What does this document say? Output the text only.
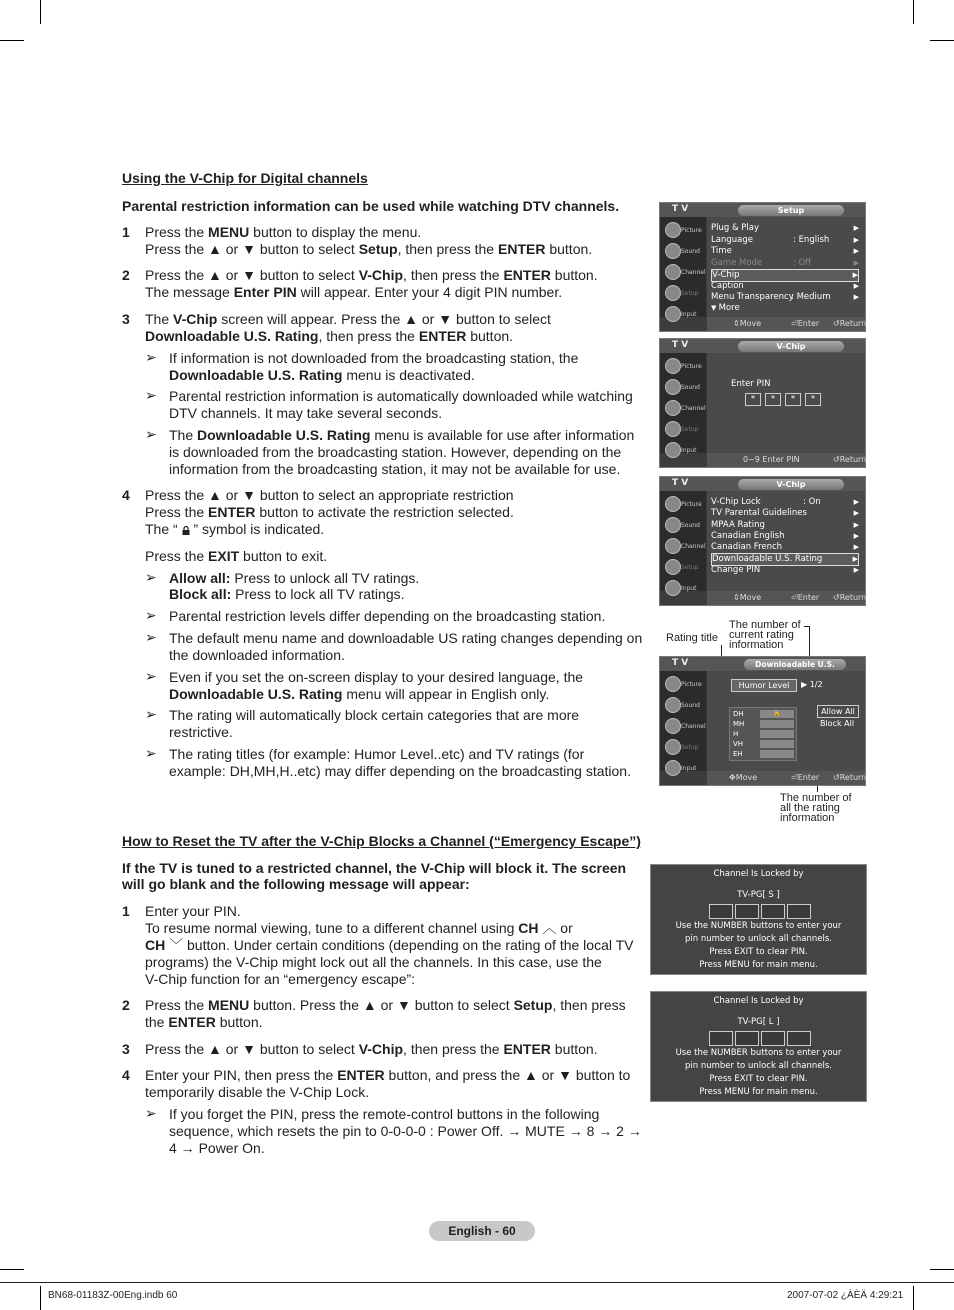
Using the V-Chip for Digital channels
Parental restriction information can be used while watching DTV channels.
1 Press the MENU button to display the menu.
Press the ▲ or ▼ button to select Setup, then press the ENTER button.
2 Press the ▲ or ▼ button to select V-Chip, then press the ENTER button.
The message Enter PIN will appear. Enter your 4 digit PIN number.
3 The V-Chip screen will appear. Press the ▲ or ▼ button to select
Downloadable U.S. Rating, then press the ENTER button.
➢ If information is not downloaded from the broadcasting station, the
Downloadable U.S. Rating menu is deactivated.
➢ Parental restriction information is automatically downloaded while watching
DTV channels. It may take several seconds.
➢ The Downloadable U.S. Rating menu is available for use after information
is downloaded from the broadcasting station. However, depending on the
information from the broadcasting station, it may not be available for use.
4 Press the ▲ or ▼ button to select an appropriate restriction
Press the ENTER button to activate the restriction selected.
The “  ” symbol is indicated.
Press the EXIT button to exit.
➢ Allow all: Press to unlock all TV ratings.
Block all: Press to lock all TV ratings.
➢ Parental restriction levels differ depending on the broadcasting station.
➢ The default menu name and downloadable US rating changes depending on
the downloaded information.
➢ Even if you set the on-screen display to your desired language, the
Downloadable U.S. Rating menu will appear in English only.
➢ The rating will automatically block certain categories that are more
restrictive.
➢ The rating titles (for example: Humor Level..etc) and TV ratings (for
example: DH,MH,H..etc) may differ depending on the broadcasting station.
T V	Setup
Picture
Sound
Channel
Setup
Input
Plug & Play	▶
Language	: English	▶
Time	▶
Game Mode	: Off	▶
V-Chip	▶
Caption	▶
Menu Transparency
: Medium	▶
▼ More
⇕ Move	⏎ Enter ↺ Return
T V	V-Chip
Picture
Sound
Channel
Setup
Input
Enter PIN
*	*	*	*
0~9 Enter PIN	↺ Return
T V	V-Chip
Picture
Sound
Channel
Setup
Input
V-Chip Lock	: On	▶
TV Parental Guidelines	▶
MPAA Rating	▶
Canadian English	▶
Canadian French	▶
Downloadable U.S. Rating	▶
Change PIN	▶
⇕ Move	⏎ Enter ↺ Return
Rating title
The number of
current rating
information
T V	Downloadable U.S.
Picture
Sound
Channel
Setup
Input
Humor Level	▶ 1/2
DH	🔒
MH
H
VH
EH
Allow All
Block All
✥ Move	⏎ Enter ↺ Return
The number of
all the rating
information
How to Reset the TV after the V-Chip Blocks a Channel (“Emergency Escape”)
If the TV is tuned to a restricted channel, the V-Chip will block it. The screen
will go blank and the following message will appear:
1 Enter your PIN.
To resume normal viewing, tune to a different channel using CH ︿ or
CH ﹀ button. Under certain conditions (depending on the rating of the local TV
programs) the V-Chip might lock out all the channels. In this case, use the
V-Chip function for an “emergency escape”:
2 Press the MENU button. Press the ▲ or ▼ button to select Setup, then press
the ENTER button.
3 Press the ▲ or ▼ button to select V-Chip, then press the ENTER button.
4 Enter your PIN, then press the ENTER button, and press the ▲ or ▼ button to
temporarily disable the V-Chip Lock.
➢ If you forget the PIN, press the remote-control buttons in the following
sequence, which resets the pin to 0-0-0-0 : Power Off. → MUTE → 8 → 2 →
4 → Power On.
Channel Is Locked by
TV-PG[ S ]
Use the NUMBER buttons to enter your
pin number to unlock all channels.
Press EXIT to clear PIN.
Press MENU for main menu.
Channel Is Locked by
TV-PG[ L ]
Use the NUMBER buttons to enter your
pin number to unlock all channels.
Press EXIT to clear PIN.
Press MENU for main menu.
English - 60
BN68-01183Z-00Eng.indb 60	2007-07-02 ¿ÀÈÄ 4:29:21
